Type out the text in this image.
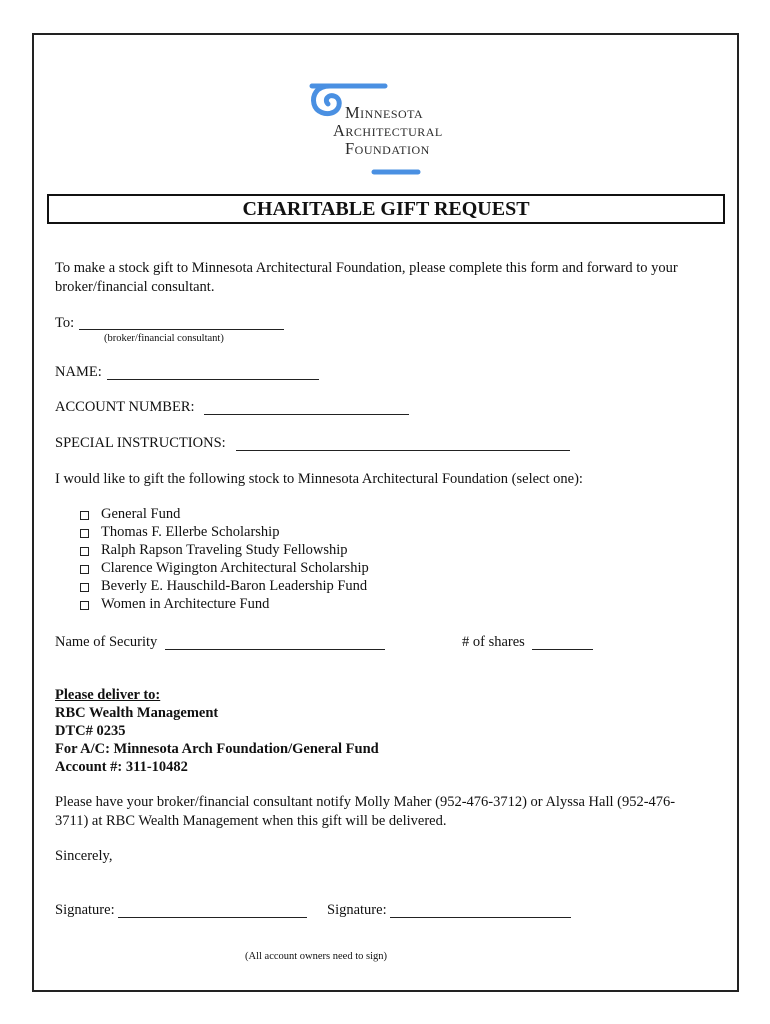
Minnesota
Architectural
Foundation
CHARITABLE GIFT REQUEST
To make a stock gift to Minnesota Architectural Foundation, please complete this form and forward to your
broker/financial consultant.
To:
(broker/financial consultant)
NAME:
ACCOUNT NUMBER:
SPECIAL INSTRUCTIONS:
I would like to gift the following stock to Minnesota Architectural Foundation (select one):
General Fund
Thomas F. Ellerbe Scholarship
Ralph Rapson Traveling Study Fellowship
Clarence Wigington Architectural Scholarship
Beverly E. Hauschild-Baron Leadership Fund
Women in Architecture Fund
Name of Security	# of shares
Please deliver to:
RBC Wealth Management
DTC# 0235
For A/C: Minnesota Arch Foundation/General Fund
Account #: 311-10482
Please have your broker/financial consultant notify Molly Maher (952-476-3712) or Alyssa Hall (952-476-
3711) at RBC Wealth Management when this gift will be delivered.
Sincerely,
Signature:	Signature:
(All account owners need to sign)
